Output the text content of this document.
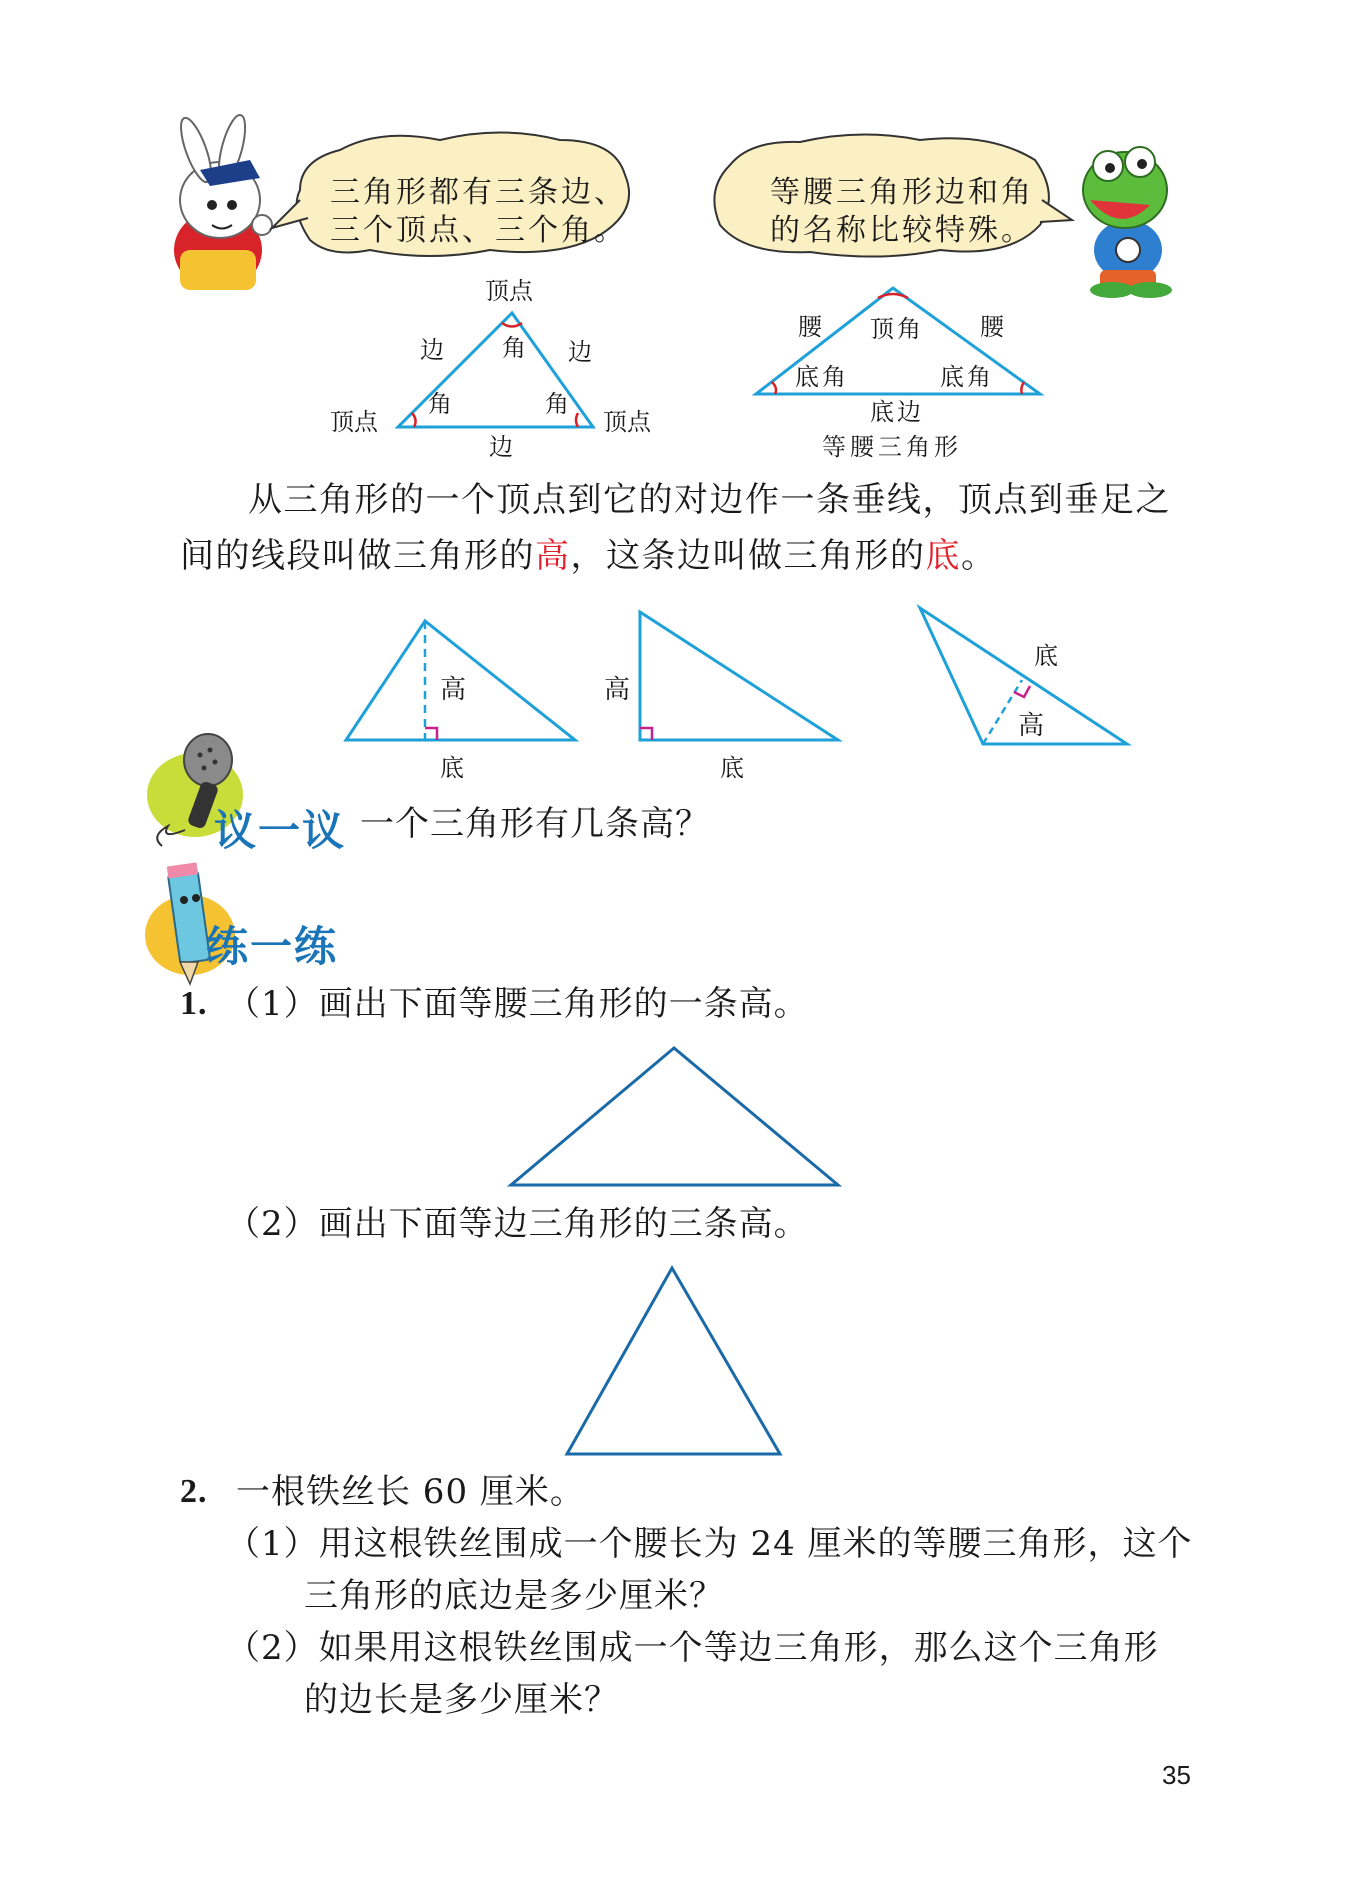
三角形都有三条边、
三个顶点、三个角。
等腰三角形边和角
的名称比较特殊。
顶点
顶点	顶点
角
角	角
边	边
边
腰	腰
顶角
底角	底角
底边
等腰三角形
从三角形的一个顶点到它的对边作一条垂线，顶点到垂足之间的线段叫做三角形的高，这条边叫做三角形的底。
高
底
高
底
底
高
议一议 一个三角形有几条高？
练一练
1. （1）画出下面等腰三角形的一条高。
（2）画出下面等边三角形的三条高。
2. 一根铁丝长 60 厘米。
（1）用这根铁丝围成一个腰长为 24 厘米的等腰三角形，这个
三角形的底边是多少厘米？
（2）如果用这根铁丝围成一个等边三角形，那么这个三角形
的边长是多少厘米？
35
